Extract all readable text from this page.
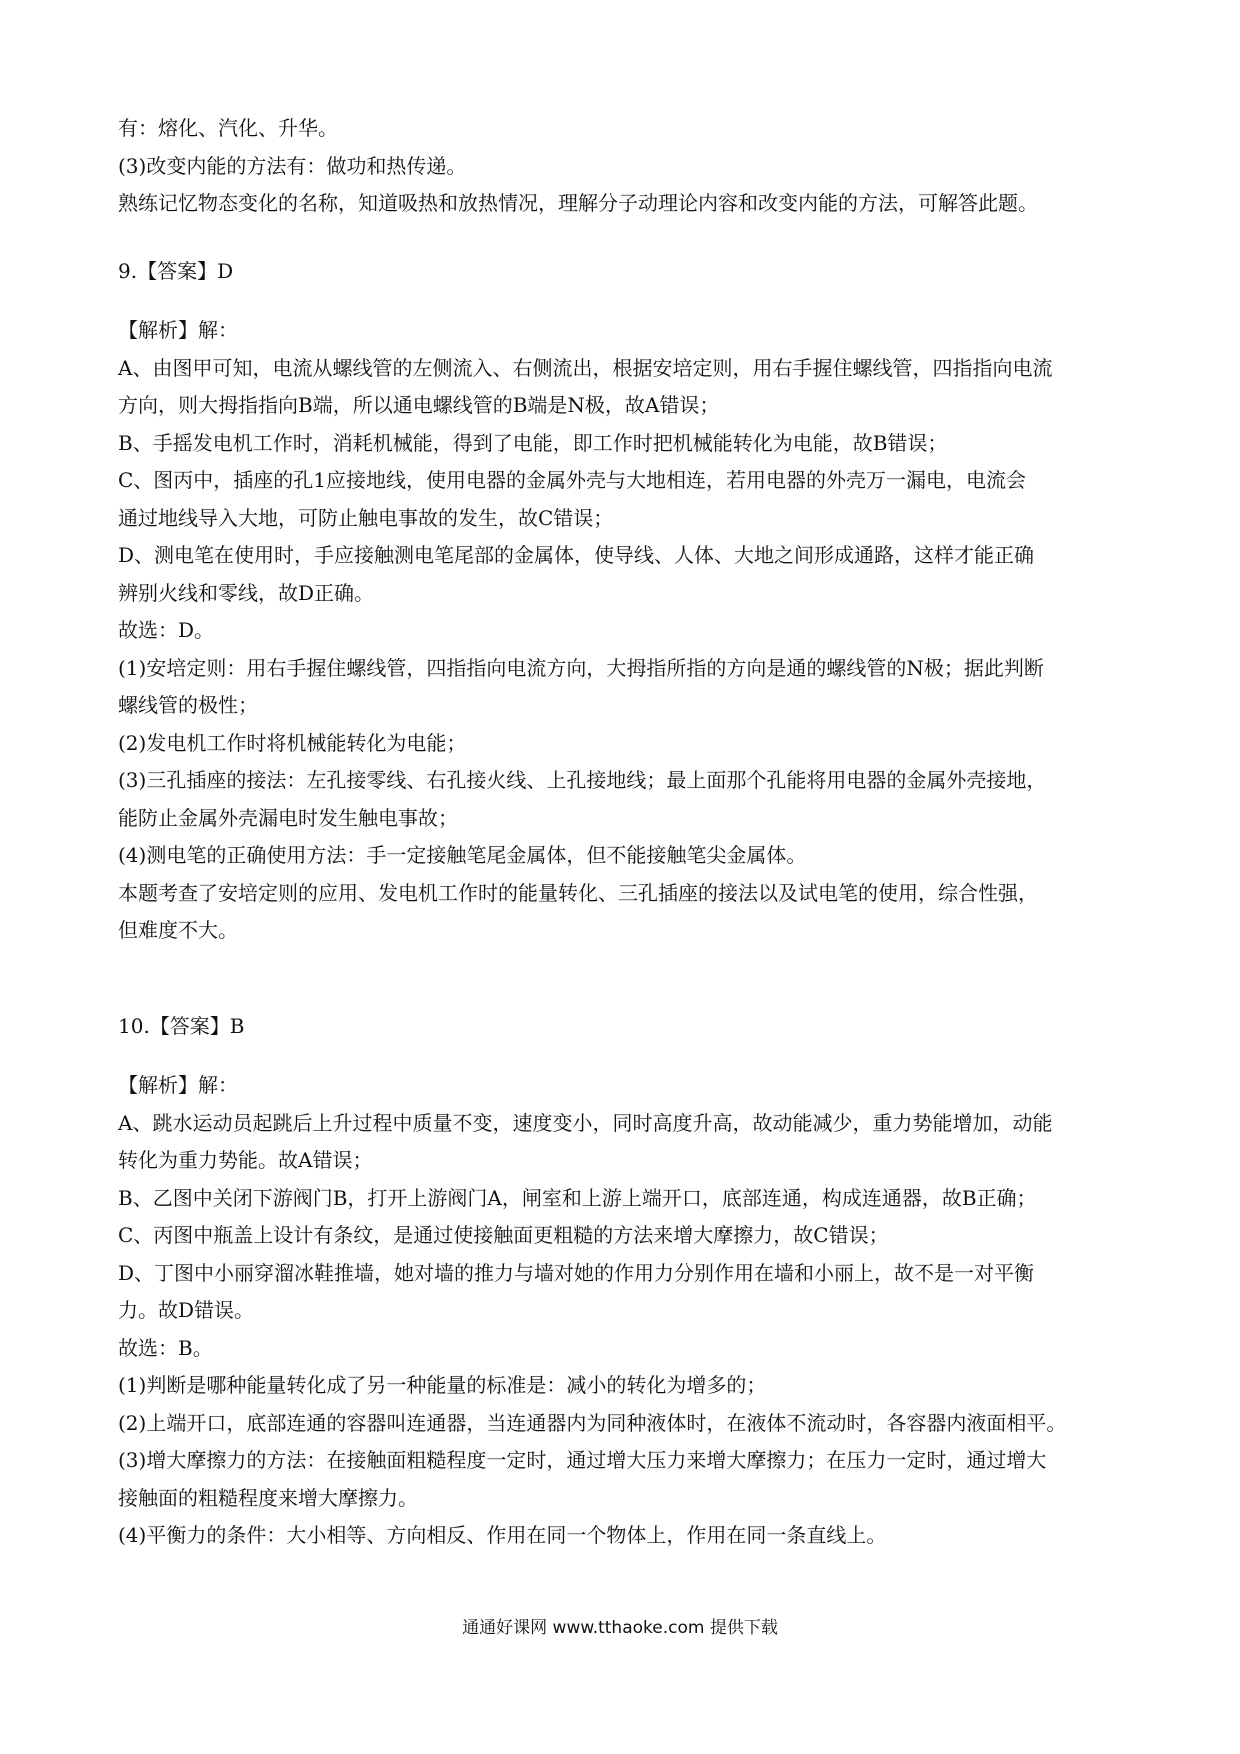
有：熔化、汽化、升华。
(3)改变内能的方法有：做功和热传递。
熟练记忆物态变化的名称，知道吸热和放热情况，理解分子动理论内容和改变内能的方法，可解答此题。
9.【答案】D
【解析】解：
A、由图甲可知，电流从螺线管的左侧流入、右侧流出，根据安培定则，用右手握住螺线管，四指指向电流
方向，则大拇指指向B端，所以通电螺线管的B端是N极，故A错误；
B、手摇发电机工作时，消耗机械能，得到了电能，即工作时把机械能转化为电能，故B错误；
C、图丙中，插座的孔1应接地线，使用电器的金属外壳与大地相连，若用电器的外壳万一漏电，电流会
通过地线导入大地，可防止触电事故的发生，故C错误；
D、测电笔在使用时，手应接触测电笔尾部的金属体，使导线、人体、大地之间形成通路，这样才能正确
辨别火线和零线，故D正确。
故选：D。
(1)安培定则：用右手握住螺线管，四指指向电流方向，大拇指所指的方向是通的螺线管的N极；据此判断
螺线管的极性；
(2)发电机工作时将机械能转化为电能；
(3)三孔插座的接法：左孔接零线、右孔接火线、上孔接地线；最上面那个孔能将用电器的金属外壳接地，
能防止金属外壳漏电时发生触电事故；
(4)测电笔的正确使用方法：手一定接触笔尾金属体，但不能接触笔尖金属体。
本题考查了安培定则的应用、发电机工作时的能量转化、三孔插座的接法以及试电笔的使用，综合性强，
但难度不大。
10.【答案】B
【解析】解：
A、跳水运动员起跳后上升过程中质量不变，速度变小，同时高度升高，故动能减少，重力势能增加，动能
转化为重力势能。故A错误；
B、乙图中关闭下游阀门B，打开上游阀门A，闸室和上游上端开口，底部连通，构成连通器，故B正确；
C、丙图中瓶盖上设计有条纹，是通过使接触面更粗糙的方法来增大摩擦力，故C错误；
D、丁图中小丽穿溜冰鞋推墙，她对墙的推力与墙对她的作用力分别作用在墙和小丽上，故不是一对平衡
力。故D错误。
故选：B。
(1)判断是哪种能量转化成了另一种能量的标准是：减小的转化为增多的；
(2)上端开口，底部连通的容器叫连通器，当连通器内为同种液体时，在液体不流动时，各容器内液面相平。
(3)增大摩擦力的方法：在接触面粗糙程度一定时，通过增大压力来增大摩擦力；在压力一定时，通过增大
接触面的粗糙程度来增大摩擦力。
(4)平衡力的条件：大小相等、方向相反、作用在同一个物体上，作用在同一条直线上。
通通好课网 www.tthaoke.com 提供下载
